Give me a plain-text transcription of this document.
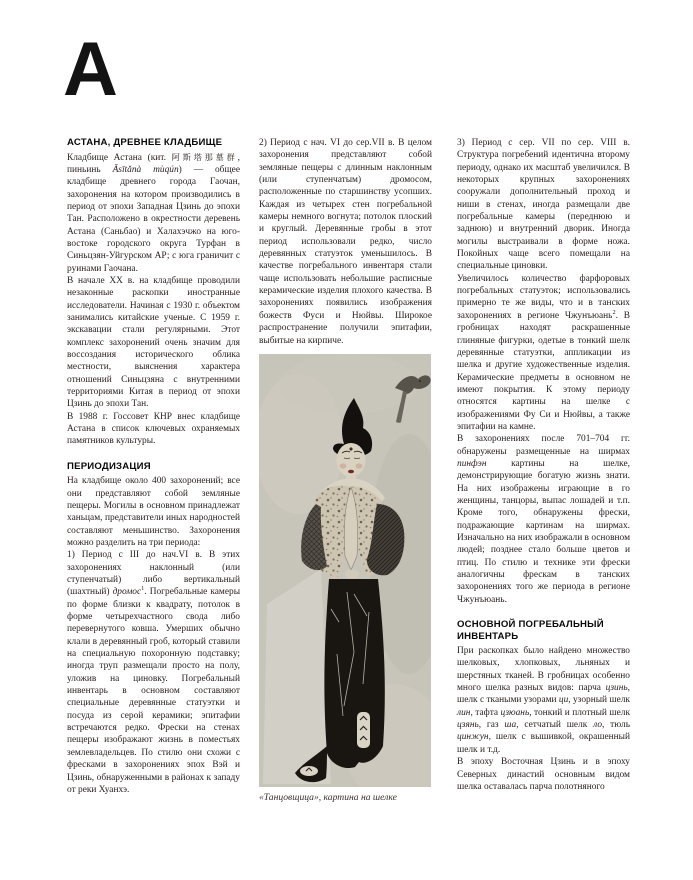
А
АСТАНА, ДРЕВНЕЕ КЛАДБИЩЕ

Кладбище Астана (кит. 阿斯塔那墓群, пиньинь Āsītǎnà mùqún) — общее кладбище древнего города Гаочан, захоронения на котором производились в период от эпохи Западная Цзинь до эпохи Тан. Расположено в окрестности деревень Астана (Саньбао) и Халахэчжо на юго-востоке городского округа Турфан в Синьцзян-Уйгурском АР; с юга граничит с руинами Гаочана.

В начале XX в. на кладбище проводили незаконные раскопки иностранные исследователи. Начиная с 1930 г. объектом занимались китайские ученые. С 1959 г. экскавации стали регулярными. Этот комплекс захоронений очень значим для воссоздания исторического облика местности, выяснения характера отношений Синьцзяна с внутренними территориями Китая в период от эпохи Цзинь до эпохи Тан.

В 1988 г. Госсовет КНР внес кладбище Астана в список ключевых охраняемых памятников культуры.

ПЕРИОДИЗАЦИЯ

На кладбище около 400 захоронений; все они представляют собой земляные пещеры. Могилы в основном принадлежат ханьцам, представители иных народностей составляют меньшинство. Захоронения можно разделить на три периода:

1) Период с III до нач.VI в. В этих захоронениях наклонный (или ступенчатый) либо вертикальный (шахтный) дромос$^1$. Погребальные камеры по форме близки к квадрату, потолок в форме четырехчастного свода либо перевернутого ковша. Умерших обычно клали в деревянный гроб, который ставили на специальную похоронную подставку; иногда труп размещали просто на полу, уложив на циновку. Погребальный инвентарь в основном составляют специальные деревянные статуэтки и посуда из серой керамики; эпитафии встречаются редко. Фрески на стенах пещеры изображают жизнь в поместьях землевладельцев. По стилю они схожи с фресками в захоронениях эпох Вэй и Цзинь, обнаруженными в районах к западу от реки Хуанхэ.

2) Период с нач. VI до сер.VII в. В целом захоронения представляют собой земляные пещеры с длинным наклонным (или ступенчатым) дромосом, расположенные по старшинству усопших. Каждая из четырех стен погребальной камеры немного вогнута; потолок плоский и круглый. Деревянные гробы в этот период использовали редко, число деревянных статуэток уменьшилось. В качестве погребального инвентаря стали чаще использовать небольшие расписные керамические изделия плохого качества. В захоронениях появились изображения божеств Фуси и Нюйвы. Широкое распространение получили эпитафии, выбитые на кирпиче.

«Танцовщица», картина на шелке

3) Период с сер. VII по сер. VIII в. Структура погребений идентична второму периоду, однако их масштаб увеличился. В некоторых крупных захоронениях сооружали дополнительный проход и ниши в стенах, иногда размещали две погребальные камеры (переднюю и заднюю) и внутренний дворик. Иногда могилы выстраивали в форме ножа. Покойных чаще всего помещали на специальные циновки.

Увеличилось количество фарфоровых погребальных статуэток; использовались примерно те же виды, что и в танских захоронениях в регионе Чжунъюань$^2$. В гробницах находят раскрашенные глиняные фигурки, одетые в тонкий шелк деревянные статуэтки, аппликации из шелка и другие художественные изделия. Керамические предметы в основном не имеют покрытия. К этому периоду относятся картины на шелке с изображениями Фу Си и Нюйвы, а также эпитафии на камне.

В захоронениях после 701–704 гг. обнаружены размещенные на ширмах пинфэн картины на шелке, демонстрирующие богатую жизнь знати. На них изображены играющие в го женщины, танцоры, выпас лошадей и т.п. Кроме того, обнаружены фрески, подражающие картинам на ширмах. Изначально на них изображали в основном людей; позднее стало больше цветов и птиц. По стилю и технике эти фрески аналогичны фрескам в танских захоронениях того же периода в регионе Чжунъюань.

ОСНОВНОЙ ПОГРЕБАЛЬНЫЙ ИНВЕНТАРЬ

При раскопках было найдено множество шелковых, хлопковых, льняных и шерстяных тканей. В гробницах особенно много шелка разных видов: парча цзинь, шелк с ткаными узорами ци, узорный шелк лин, тафта цзюань, тонкий и плотный шелк цзянь, газ ша, сетчатый шелк ло, тюль цинжун, шелк с вышивкой, окрашенный шелк и т.д.

В эпоху Восточная Цзинь и в эпоху Северных династий основным видом шелка оставалась парча полотняного
